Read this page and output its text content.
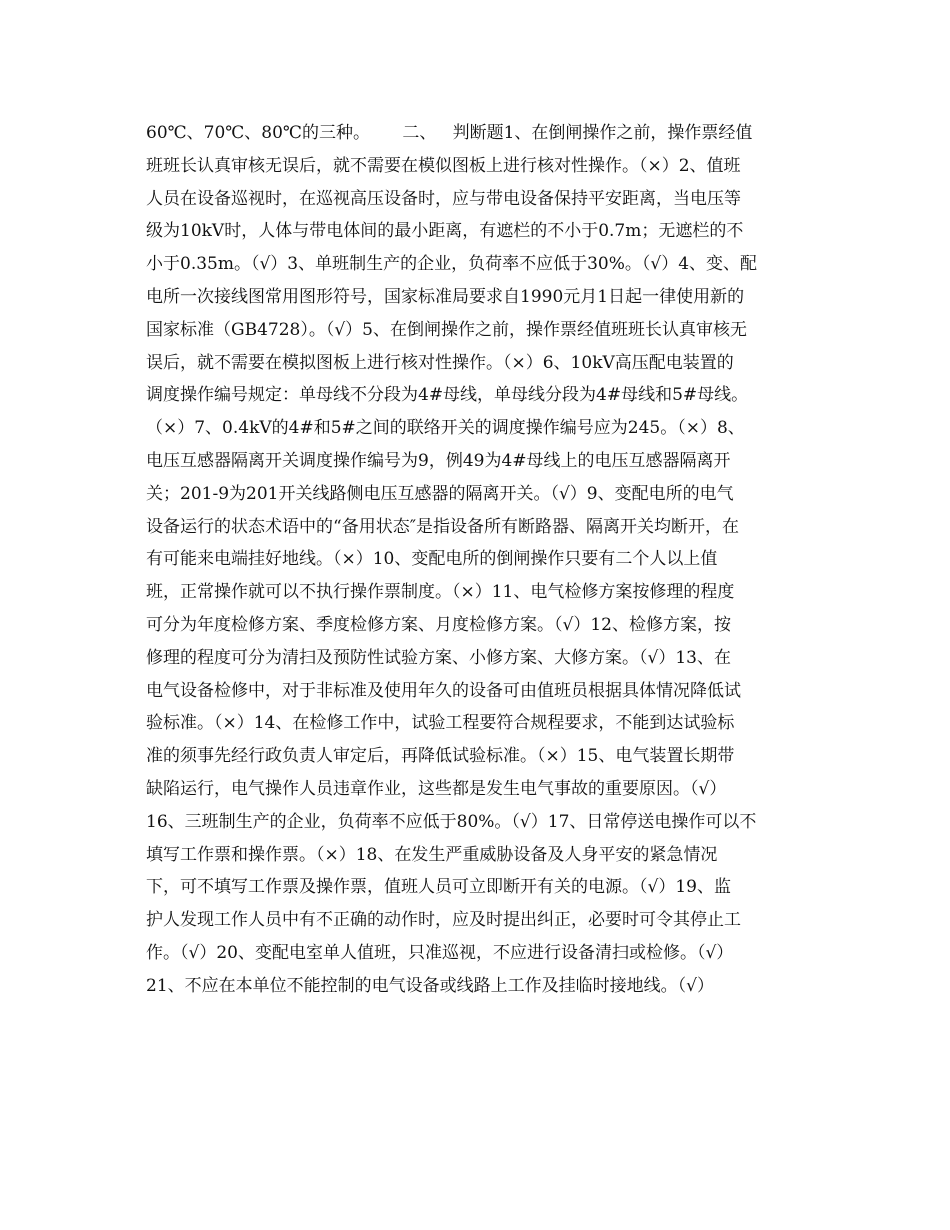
60℃、70℃、80℃的三种。      二、   判断题1、在倒闸操作之前，操作票经值
班班长认真审核无误后，就不需要在模似图板上进行核对性操作。（×）2、值班
人员在设备巡视时，在巡视高压设备时，应与带电设备保持平安距离，当电压等
级为10kV时，人体与带电体间的最小距离，有遮栏的不小于0.7m；无遮栏的不
小于0.35m。（√）3、单班制生产的企业，负荷率不应低于30%。（√）4、变、配
电所一次接线图常用图形符号，国家标准局要求自1990元月1日起一律使用新的
国家标准（GB4728）。（√）5、在倒闸操作之前，操作票经值班班长认真审核无
误后，就不需要在模拟图板上进行核对性操作。（×）6、10kV高压配电装置的
调度操作编号规定：单母线不分段为4#母线，单母线分段为4#母线和5#母线。
（×）7、0.4kV的4#和5#之间的联络开关的调度操作编号应为245。（×）8、
电压互感器隔离开关调度操作编号为9，例49为4#母线上的电压互感器隔离开
关；201-9为201开关线路侧电压互感器的隔离开关。（√）9、变配电所的电气
设备运行的状态术语中的“备用状态″是指设备所有断路器、隔离开关均断开，在
有可能来电端挂好地线。（×）10、变配电所的倒闸操作只要有二个人以上值
班，正常操作就可以不执行操作票制度。（×）11、电气检修方案按修理的程度
可分为年度检修方案、季度检修方案、月度检修方案。（√）12、检修方案，按
修理的程度可分为清扫及预防性试验方案、小修方案、大修方案。（√）13、在
电气设备检修中，对于非标准及使用年久的设备可由值班员根据具体情况降低试
验标准。（×）14、在检修工作中，试验工程要符合规程要求，不能到达试验标
准的须事先经行政负责人审定后，再降低试验标准。（×）15、电气装置长期带
缺陷运行，电气操作人员违章作业，这些都是发生电气事故的重要原因。（√）
16、三班制生产的企业，负荷率不应低于80%。（√）17、日常停送电操作可以不
填写工作票和操作票。（×）18、在发生严重威胁设备及人身平安的紧急情况
下，可不填写工作票及操作票，值班人员可立即断开有关的电源。（√）19、监
护人发现工作人员中有不正确的动作时，应及时提出纠正，必要时可令其停止工
作。（√）20、变配电室单人值班，只准巡视，不应进行设备清扫或检修。（√）
21、不应在本单位不能控制的电气设备或线路上工作及挂临时接地线。（√）
